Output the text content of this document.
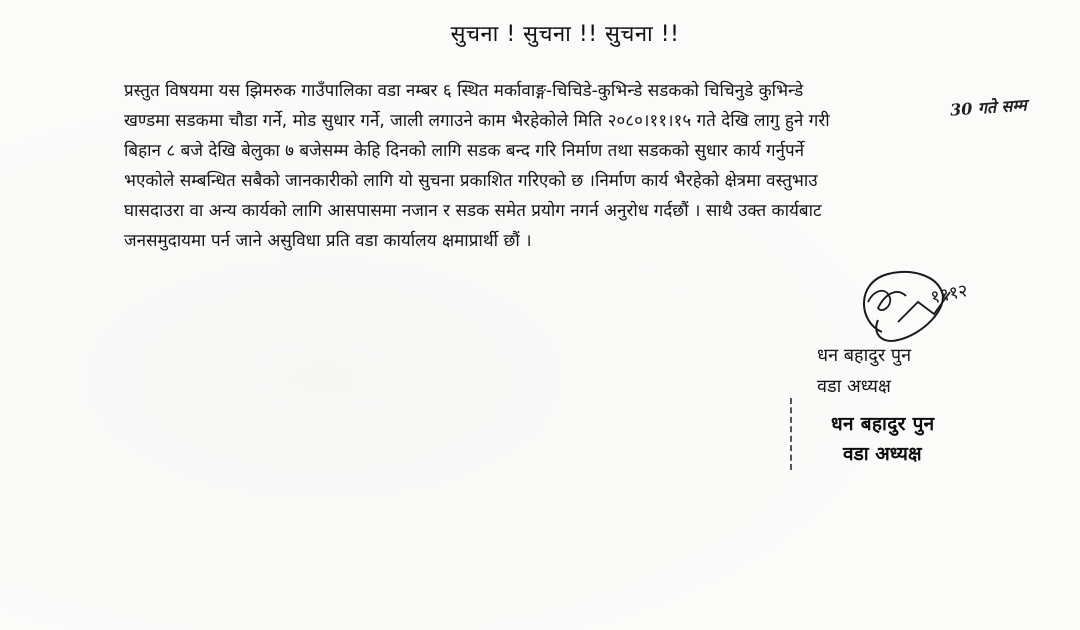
सुचना ! सुचना !! सुचना !!
प्रस्तुत विषयमा यस झिमरुक गाउँपालिका वडा नम्बर ६ स्थित मर्कावाङ्ग-चिचिडे-कुभिन्डे सडकको चिचिनुडे कुभिन्डे
खण्डमा सडकमा चौडा गर्ने, मोड सुधार गर्ने, जाली लगाउने काम भैरहेकोले मिति २०८०।११।१५ गते देखि लागु हुने गरी
बिहान ८ बजे देखि बेलुका ७ बजेसम्म केहि दिनको लागि सडक बन्द गरि निर्माण तथा सडकको सुधार कार्य गर्नुपर्ने
भएकोले सम्बन्धित सबैको जानकारीको लागि यो सुचना प्रकाशित गरिएको छ ।निर्माण कार्य भैरहेको क्षेत्रमा वस्तुभाउ
घासदाउरा वा अन्य कार्यको लागि आसपासमा नजान र सडक समेत प्रयोग नगर्न अनुरोध गर्दछौं । साथै उक्त कार्यबाट
जनसमुदायमा पर्न जाने असुविधा प्रति वडा कार्यालय क्षमाप्रार्थी छौं ।
30 गते सम्म
१११२
धन बहादुर पुन
वडा अध्यक्ष
धन बहादुर पुन
वडा अध्यक्ष
